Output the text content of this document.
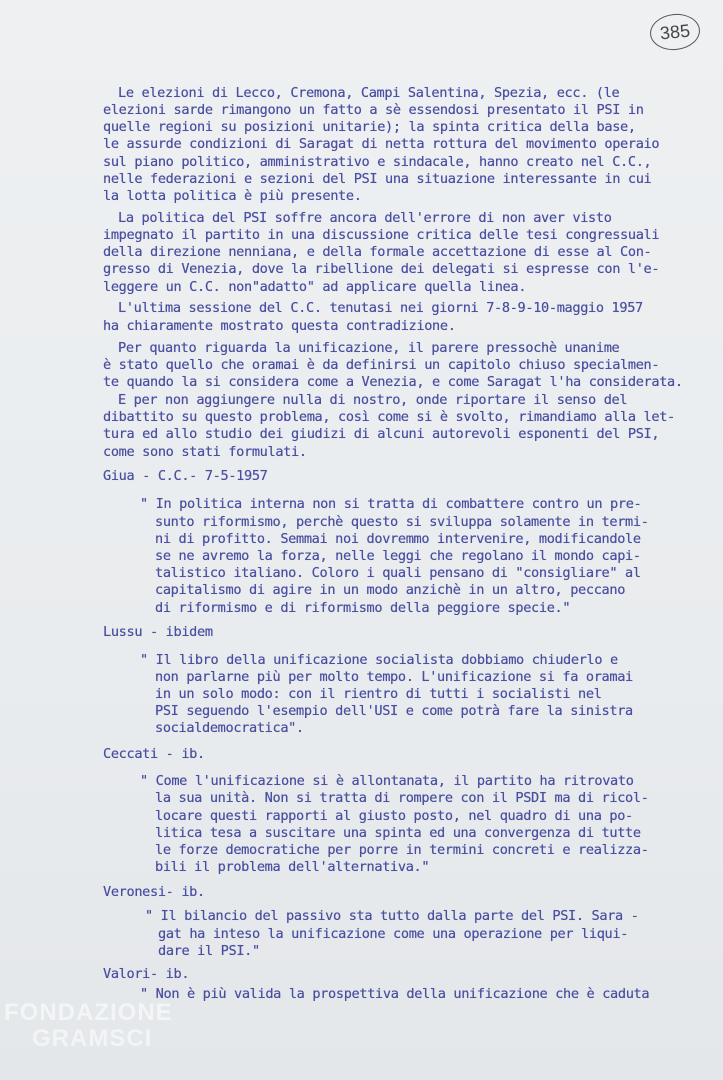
385
Le elezioni di Lecco, Cremona, Campi Salentina, Spezia, ecc. (le
elezioni sarde rimangono un fatto a sè essendosi presentato il PSI in
quelle regioni su posizioni unitarie); la spinta critica della base,
le assurde condizioni di Saragat di netta rottura del movimento operaio
sul piano politico, amministrativo e sindacale, hanno creato nel C.C.,
nelle federazioni e sezioni del PSI una situazione interessante in cui
la lotta politica è più presente.
La politica del PSI soffre ancora dell'errore di non aver visto
impegnato il partito in una discussione critica delle tesi congressuali
della direzione nenniana, e della formale accettazione di esse al Con-
gresso di Venezia, dove la ribellione dei delegati si espresse con l'e-
leggere un C.C. non"adatto" ad applicare quella linea.
L'ultima sessione del C.C. tenutasi nei giorni 7-8-9-10-maggio 1957
ha chiaramente mostrato questa contradizione.
Per quanto riguarda la unificazione, il parere pressochè unanime
è stato quello che oramai è da definirsi un capitolo chiuso specialmen-
te quando la si considera come a Venezia, e come Saragat l'ha considerata.
E per non aggiungere nulla di nostro, onde riportare il senso del
dibattito su questo problema, così come si è svolto, rimandiamo alla let-
tura ed allo studio dei giudizi di alcuni autorevoli esponenti del PSI,
come sono stati formulati.
Giua - C.C.- 7-5-1957
" In politica interna non si tratta di combattere contro un pre-
sunto riformismo, perchè questo si sviluppa solamente in termi-
ni di profitto. Semmai noi dovremmo intervenire, modificandole
se ne avremo la forza, nelle leggi che regolano il mondo capi-
talistico italiano. Coloro i quali pensano di "consigliare" al
capitalismo di agire in un modo anzichè in un altro, peccano
di riformismo e di riformismo della peggiore specie."
Lussu - ibidem
" Il libro della unificazione socialista dobbiamo chiuderlo e
non parlarne più per molto tempo. L'unificazione si fa oramai
in un solo modo: con il rientro di tutti i socialisti nel
PSI seguendo l'esempio dell'USI e come potrà fare la sinistra
socialdemocratica".
Ceccati - ib.
" Come l'unificazione si è allontanata, il partito ha ritrovato
la sua unità. Non si tratta di rompere con il PSDI ma di ricol-
locare questi rapporti al giusto posto, nel quadro di una po-
litica tesa a suscitare una spinta ed una convergenza di tutte
le forze democratiche per porre in termini concreti e realizza-
bili il problema dell'alternativa."
Veronesi- ib.
" Il bilancio del passivo sta tutto dalla parte del PSI. Sara -
gat ha inteso la unificazione come una operazione per liqui-
dare il PSI."
Valori- ib.
" Non è più valida la prospettiva della unificazione che è caduta
FONDAZIONE
GRAMSCI
